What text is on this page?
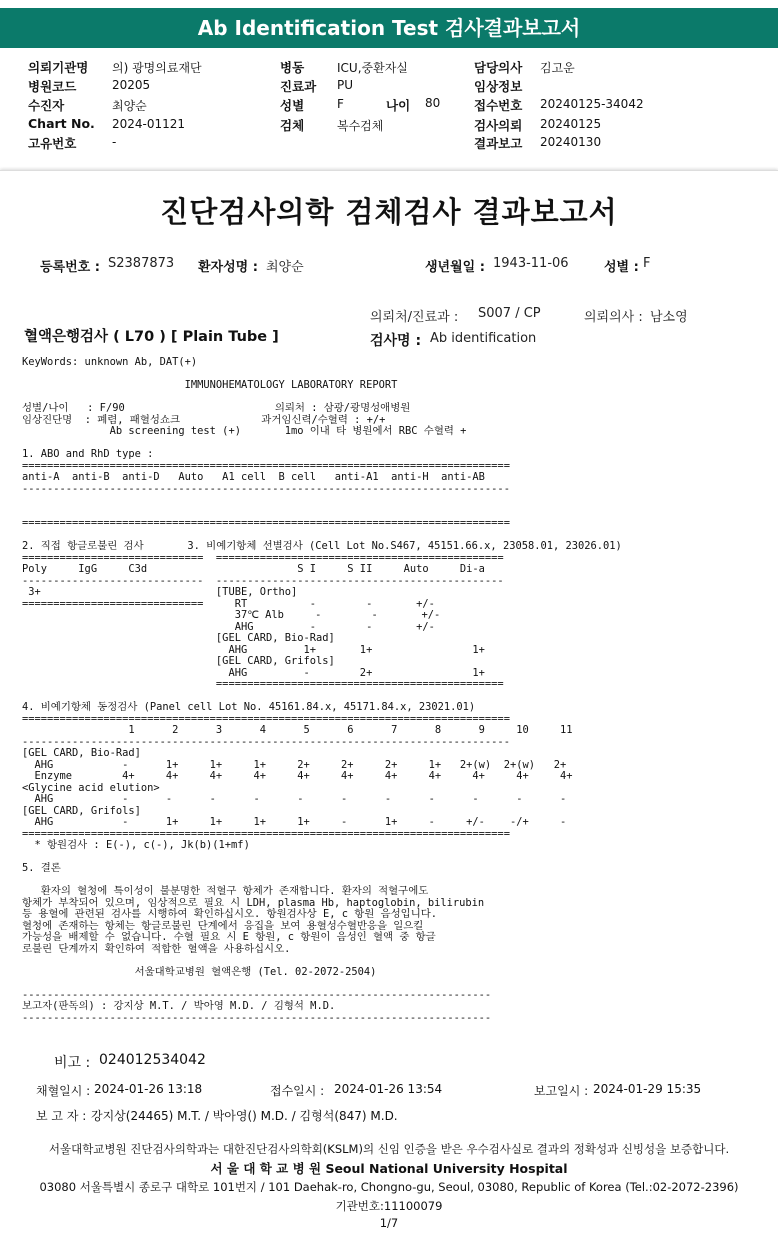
Ab Identification Test 검사결과보고서
나이 80
진단검사의학 검체검사 결과보고서
등록번호 : S2387873 환자성명 : 최양순	생년월일 : 1943-11-06	성별 : F
의뢰처/진료과 : S007 / CP	의뢰의사 : 남소영
혈액은행검사 ( L70 ) [ Plain Tube ]	검사명 : Ab identification
KeyWords: unknown Ab, DAT(+)
IMMUNOHEMATOLOGY LABORATORY REPORT
성별/나이   : F/90                        의뢰처 : 삼광/광명성애병원
임상진단명  : 폐렴, 패혈성쇼크             과거임신력/수혈력 : +/+
Ab screening test (+)       1mo 이내 타 병원에서 RBC 수혈력 +
1. ABO and RhD type :
==============================================================================
anti-A  anti-B  anti-D   Auto   A1 cell  B cell   anti-A1  anti-H  anti-AB
------------------------------------------------------------------------------
==============================================================================
2. 직접 항글로불린 검사       3. 비예기항체 선별검사 (Cell Lot No.S467, 45151.66.x, 23058.01, 23026.01)
=============================  ==============================================
Poly     IgG     C3d                        S I     S II     Auto     Di-a
-----------------------------  ----------------------------------------------
3+                            [TUBE, Ortho]
=============================     RT          -        -       +/-
37℃ Alb     -        -       +/-
AHG         -        -       +/-
[GEL CARD, Bio-Rad]
AHG         1+       1+                1+
[GEL CARD, Grifols]
AHG         -        2+                1+
==============================================
4. 비예기항체 동정검사 (Panel cell Lot No. 45161.84.x, 45171.84.x, 23021.01)
==============================================================================
1      2      3      4      5      6      7      8      9     10     11
------------------------------------------------------------------------------
[GEL CARD, Bio-Rad]
AHG           -      1+     1+     1+     2+     2+     2+     1+   2+(w)  2+(w)   2+
Enzyme        4+     4+     4+     4+     4+     4+     4+     4+     4+     4+     4+
<Glycine acid elution>
AHG           -      -      -      -      -      -      -      -      -      -      -
[GEL CARD, Grifols]
AHG           -      1+     1+     1+     1+     -      1+     -     +/-    -/+     -
==============================================================================
* 항원검사 : E(-), c(-), Jk(b)(1+mf)
5. 결론
환자의 혈청에 특이성이 불분명한 적혈구 항체가 존재합니다. 환자의 적혈구에도
항체가 부착되어 있으며, 임상적으로 필요 시 LDH, plasma Hb, haptoglobin, bilirubin
등 용혈에 관련된 검사를 시행하여 확인하십시오. 항원검사상 E, c 항원 음성입니다.
혈청에 존재하는 항체는 항글로불린 단계에서 응집을 보여 용혈성수혈반응을 일으킬
가능성을 배제할 수 없습니다. 수혈 필요 시 E 항원, c 항원이 음성인 혈액 중 항글
로불린 단계까지 확인하여 적합한 혈액을 사용하십시오.
서울대학교병원 혈액은행 (Tel. 02-2072-2504)
---------------------------------------------------------------------------
보고자(판독의) : 강지상 M.T. / 박아영 M.D. / 김형석 M.D.
---------------------------------------------------------------------------
비고 : 024012534042
채혈일시 : 2024-01-26 13:18	접수일시 : 2024-01-26 13:54	보고일시 : 2024-01-29 15:35
보 고 자 : 강지상(24465) M.T. / 박아영() M.D. / 김형석(847) M.D.
서울대학교병원 진단검사의학과는 대한진단검사의학회(KSLM)의 신임 인증을 받은 우수검사실로 결과의 정확성과 신빙성을 보증합니다.
서 울 대 학 교 병 원 Seoul National University Hospital
03080 서울특별시 종로구 대학로 101번지 / 101 Daehak-ro, Chongno-gu, Seoul, 03080, Republic of Korea (Tel.:02-2072-2396)
기관번호:11100079
1/7
의뢰기관명 의) 광명의료재단
병원코드	20205
수진자	최양순
Chart No. 2024-01121
고유번호	-
병동	ICU,중환자실
진료과 PU
성별	F
검체	복수검체
담당의사 김고운
임상정보
접수번호 20240125-34042
검사의뢰 20240125
결과보고 20240130
